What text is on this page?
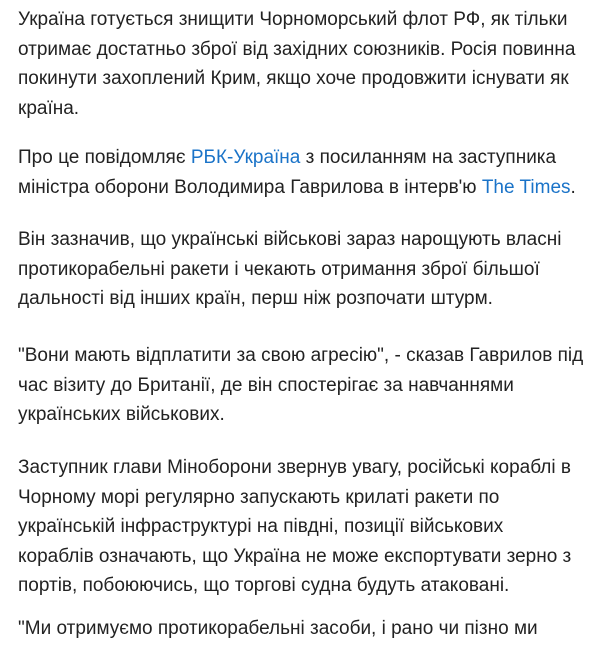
Україна готується знищити Чорноморський флот РФ, як тільки
отримає достатньо зброї від західних союзників. Росія повинна
покинути захоплений Крим, якщо хоче продовжити існувати як
країна.

Про це повідомляє РБК-Україна з посиланням на заступника
міністра оборони Володимира Гаврилова в інтерв'ю The Times.

Він зазначив, що українські військові зараз нарощують власні
протикорабельні ракети і чекають отримання зброї більшої
дальності від інших країн, перш ніж розпочати штурм.

"Вони мають відплатити за свою агресію", - сказав Гаврилов під
час візиту до Британії, де він спостерігає за навчаннями
українських військових.

Заступник глави Міноборони звернув увагу, російські кораблі в
Чорному морі регулярно запускають крилаті ракети по
українській інфраструктурі на півдні, позиції військових
кораблів означають, що Україна не може експортувати зерно з
портів, побоюючись, що торгові судна будуть атаковані.

"Ми отримуємо протикорабельні засоби, і рано чи пізно ми
